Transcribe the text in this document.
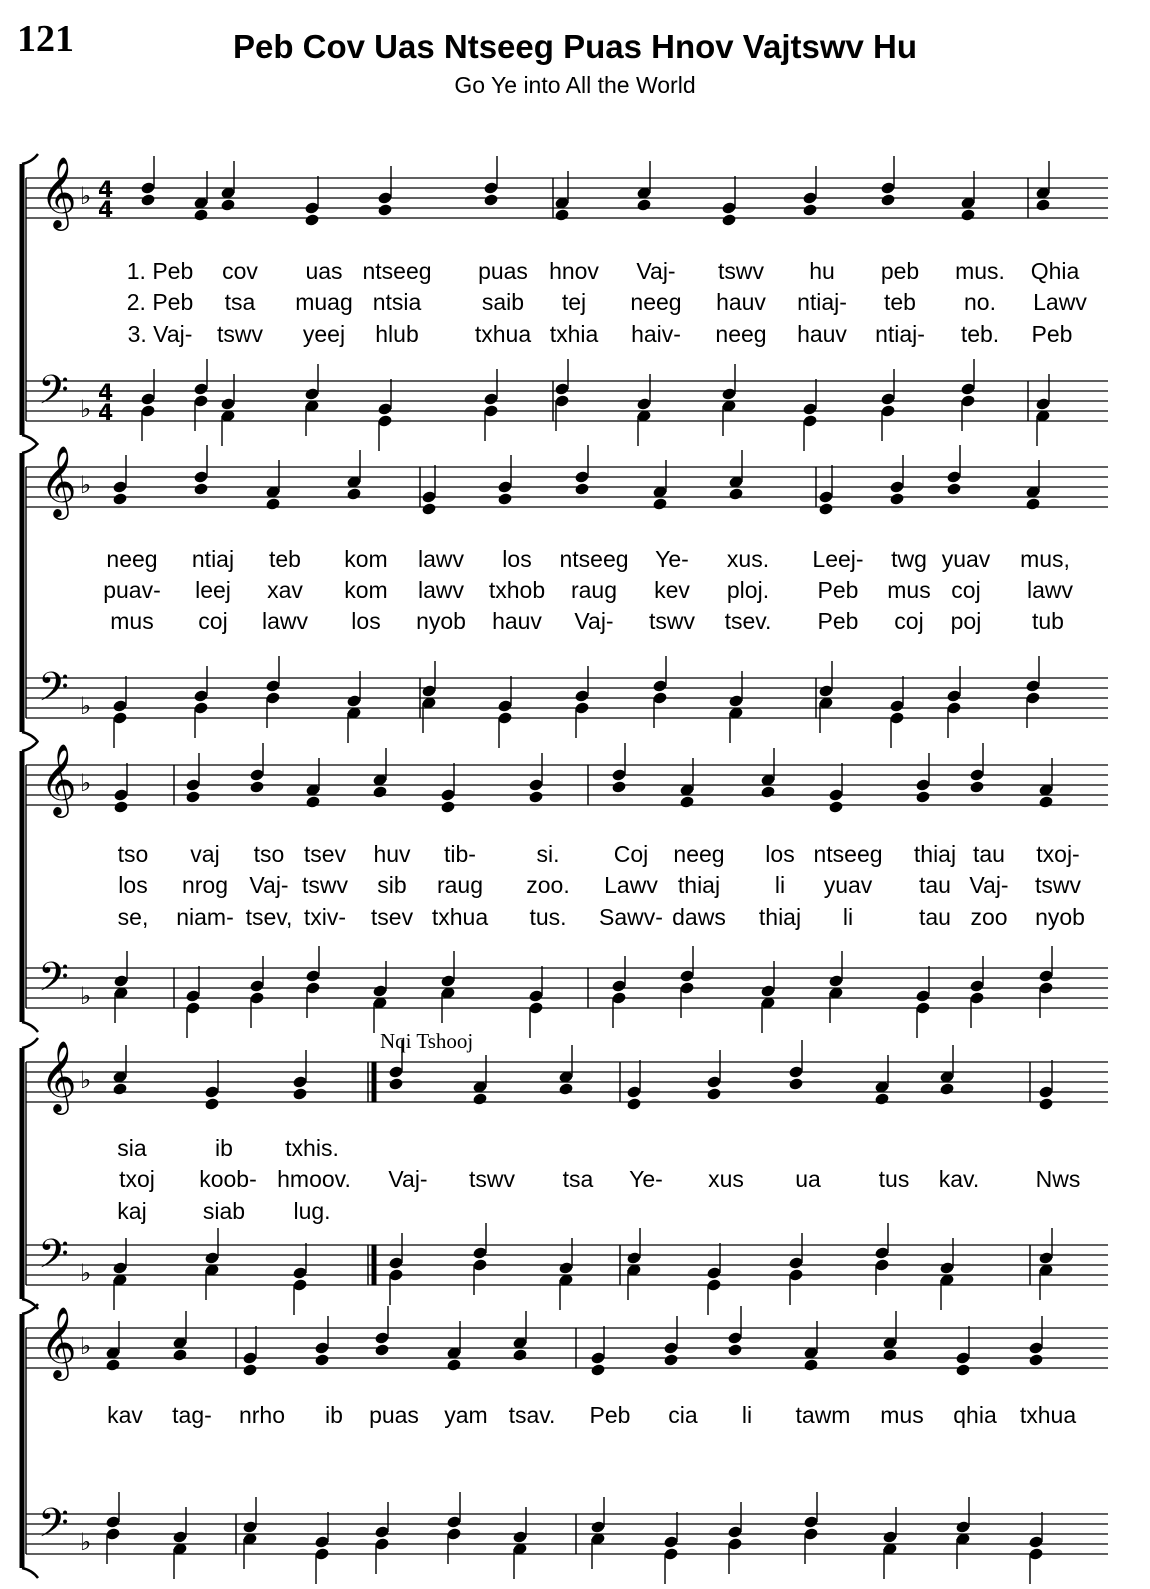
121	Peb Cov Uas Ntseeg Puas Hnov Vajtswv Hu
Go Ye into All the World
𝄞
𝄢
♭
♭
4
4
4
4
1. Peb cov uas ntseeg puas hnov Vaj- tswv hu peb mus. Qhia
2. Peb tsa muag ntsia	saib tej neeg hauv ntiaj- teb no. Lawv
3. Vaj- tswv yeej hlub txhua txhia haiv- neeg hauv ntiaj- teb. Peb
𝄞
𝄢
♭
♭
neeg ntiaj teb kom lawv los ntseeg Ye- xus. Leej- twg yuav mus,
puav- leej xav kom lawv txhob raug kev ploj. Peb mus coj lawv
mus coj lawv los nyob hauv Vaj- tswv tsev. Peb coj poj tub
𝄞
𝄢
♭
♭
tso vaj tso tsev huv tib-	si. Coj neeg los ntseeg thiaj tau txoj-
los nrog Vaj- tswv sib raug zoo. Lawv thiaj li yuav tau Vaj- tswv
se, niam- tsev, txiv- tsev txhua tus. Sawv- daws thiaj li	tau zoo nyob
𝄞
𝄢
♭
♭
Nqi Tshooj
sia	ib txhis.
txoj koob- hmoov. Vaj- tswv tsa Ye- xus ua	tus kav. Nws
kaj siab lug.
𝄞
𝄢
♭
♭
kav tag- nrho ib puas yam tsav. Peb cia li tawm mus qhia txhua
